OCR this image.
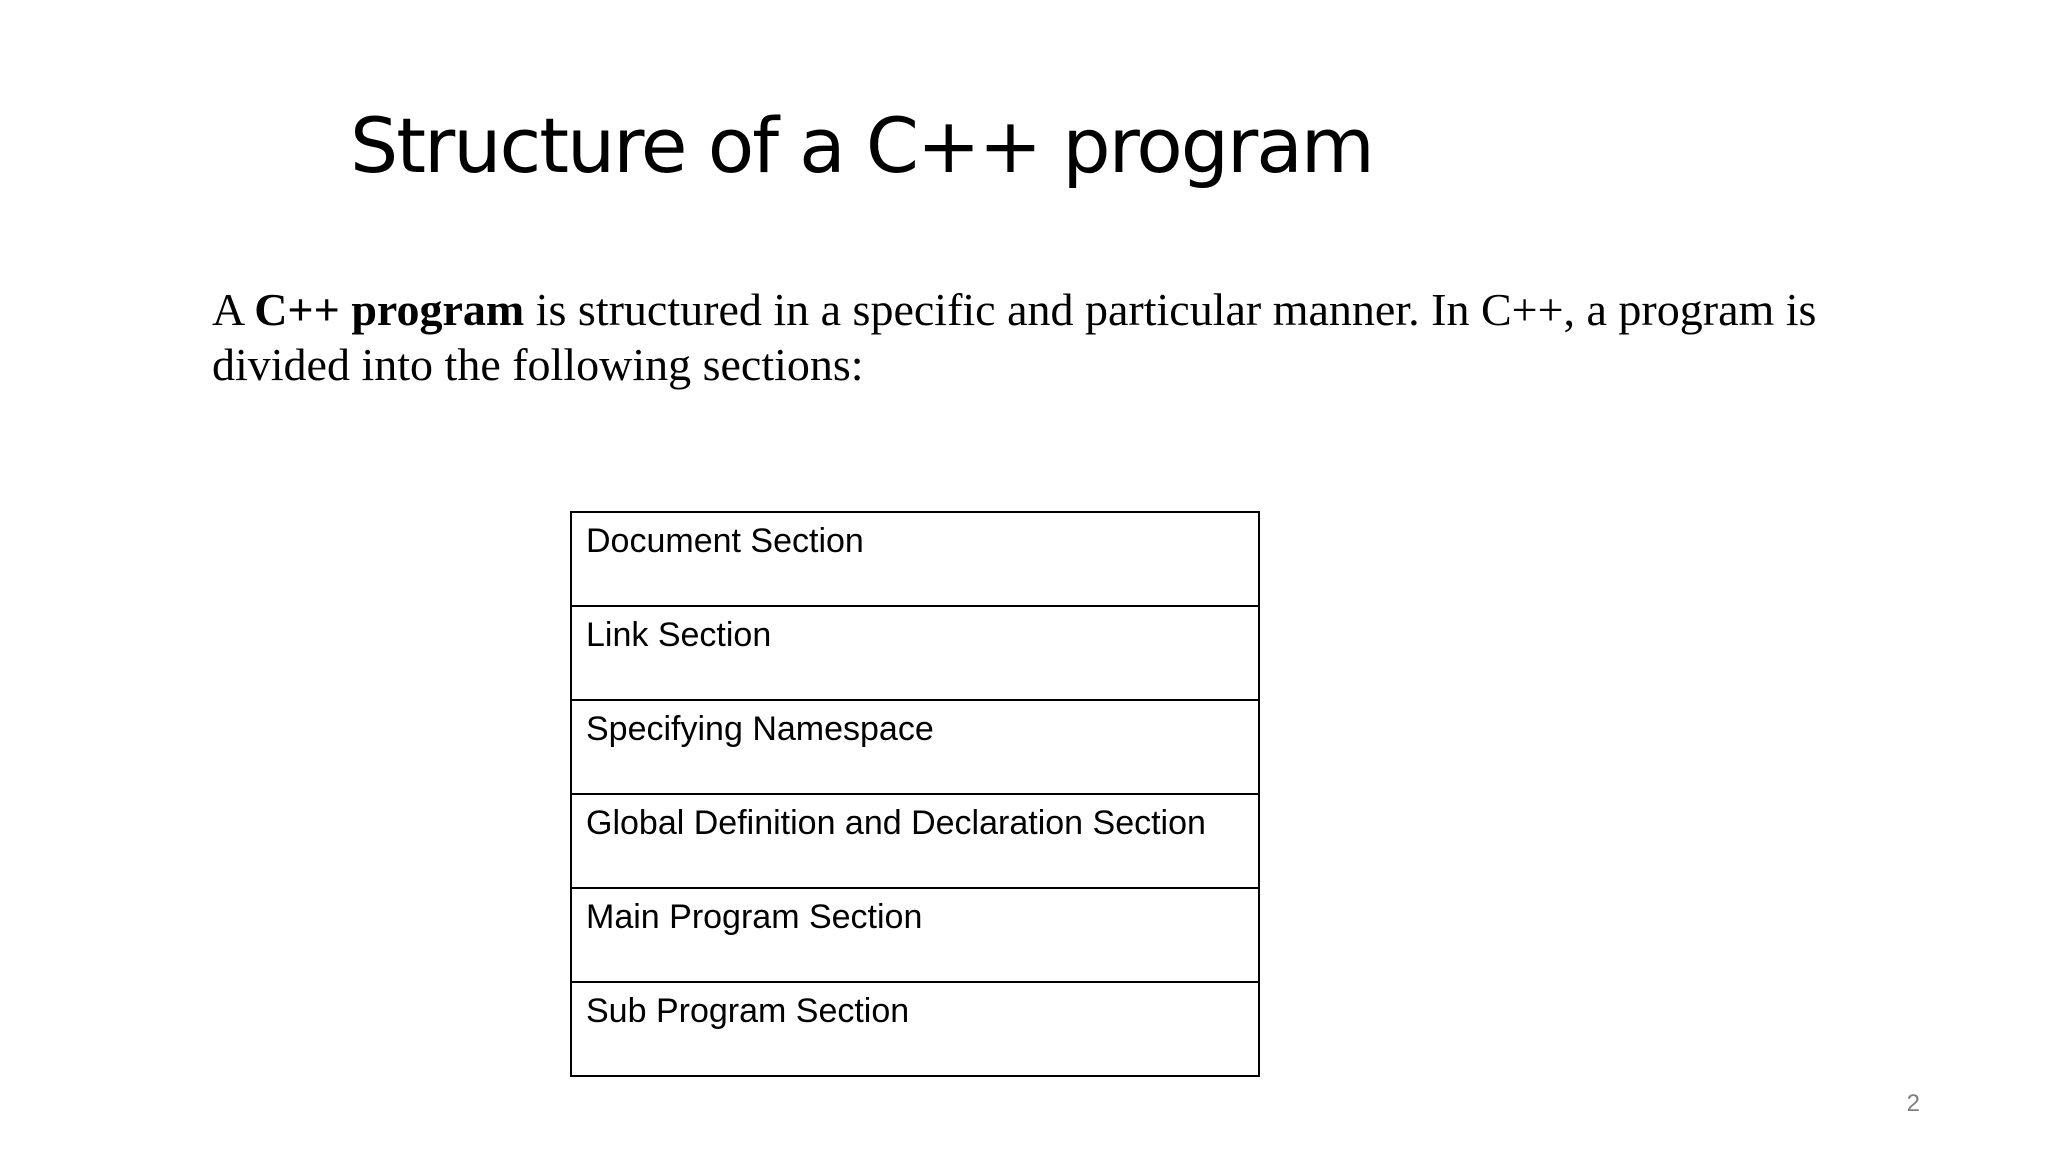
Structure of a C++ program

A C++ program is structured in a specific and particular manner. In C++, a program is divided into the following sections:

Document Section
Link Section
Specifying Namespace
Global Definition and Declaration Section
Main Program Section
Sub Program Section
2
